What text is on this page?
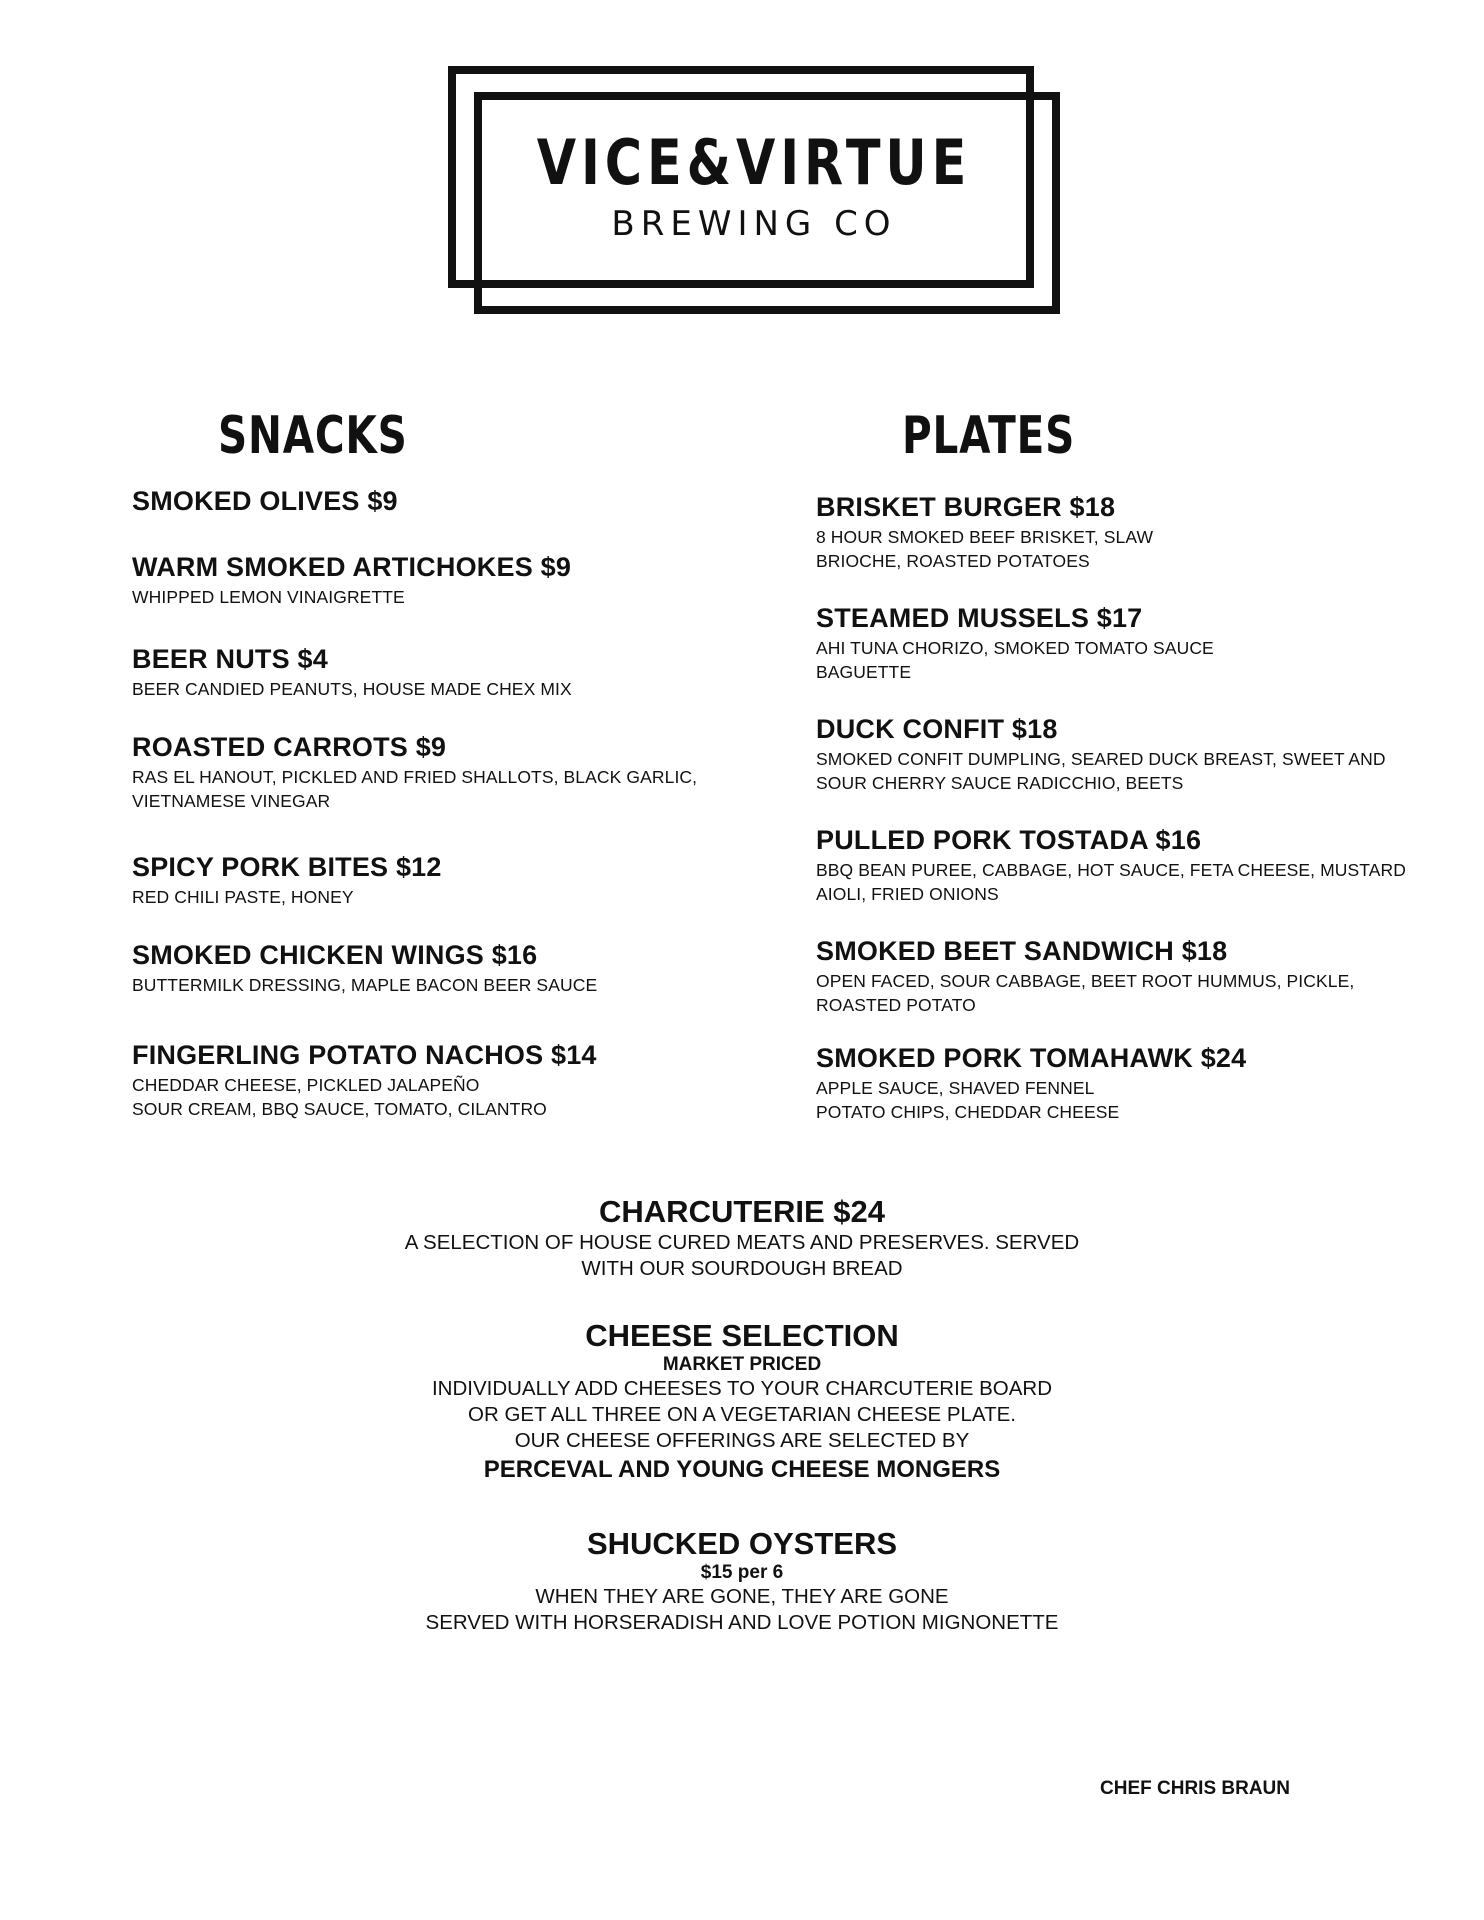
VICE&VIRTUE
BREWING CO
SNACKS	PLATES
SMOKED OLIVES $9
WARM SMOKED ARTICHOKES $9
WHIPPED LEMON VINAIGRETTE
BEER NUTS $4
BEER CANDIED PEANUTS, HOUSE MADE CHEX MIX
ROASTED CARROTS $9
RAS EL HANOUT, PICKLED AND FRIED SHALLOTS, BLACK GARLIC,
VIETNAMESE VINEGAR
SPICY PORK BITES $12
RED CHILI PASTE, HONEY
SMOKED CHICKEN WINGS $16
BUTTERMILK DRESSING, MAPLE BACON BEER SAUCE
FINGERLING POTATO NACHOS $14
CHEDDAR CHEESE, PICKLED JALAPEÑO
SOUR CREAM, BBQ SAUCE, TOMATO, CILANTRO
BRISKET BURGER $18
8 HOUR SMOKED BEEF BRISKET, SLAW
BRIOCHE, ROASTED POTATOES
STEAMED MUSSELS $17
AHI TUNA CHORIZO, SMOKED TOMATO SAUCE
BAGUETTE
DUCK CONFIT $18
SMOKED CONFIT DUMPLING, SEARED DUCK BREAST, SWEET AND
SOUR CHERRY SAUCE RADICCHIO, BEETS
PULLED PORK TOSTADA $16
BBQ BEAN PUREE, CABBAGE, HOT SAUCE, FETA CHEESE, MUSTARD
AIOLI, FRIED ONIONS
SMOKED BEET SANDWICH $18
OPEN FACED, SOUR CABBAGE, BEET ROOT HUMMUS, PICKLE,
ROASTED POTATO
SMOKED PORK TOMAHAWK $24
APPLE SAUCE, SHAVED FENNEL
POTATO CHIPS, CHEDDAR CHEESE
CHARCUTERIE $24
A SELECTION OF HOUSE CURED MEATS AND PRESERVES. SERVED
WITH OUR SOURDOUGH BREAD
CHEESE SELECTION
MARKET PRICED
INDIVIDUALLY ADD CHEESES TO YOUR CHARCUTERIE BOARD
OR GET ALL THREE ON A VEGETARIAN CHEESE PLATE.
OUR CHEESE OFFERINGS ARE SELECTED BY
PERCEVAL AND YOUNG CHEESE MONGERS
SHUCKED OYSTERS
$15 per 6
WHEN THEY ARE GONE, THEY ARE GONE
SERVED WITH HORSERADISH AND LOVE POTION MIGNONETTE
CHEF CHRIS BRAUN
